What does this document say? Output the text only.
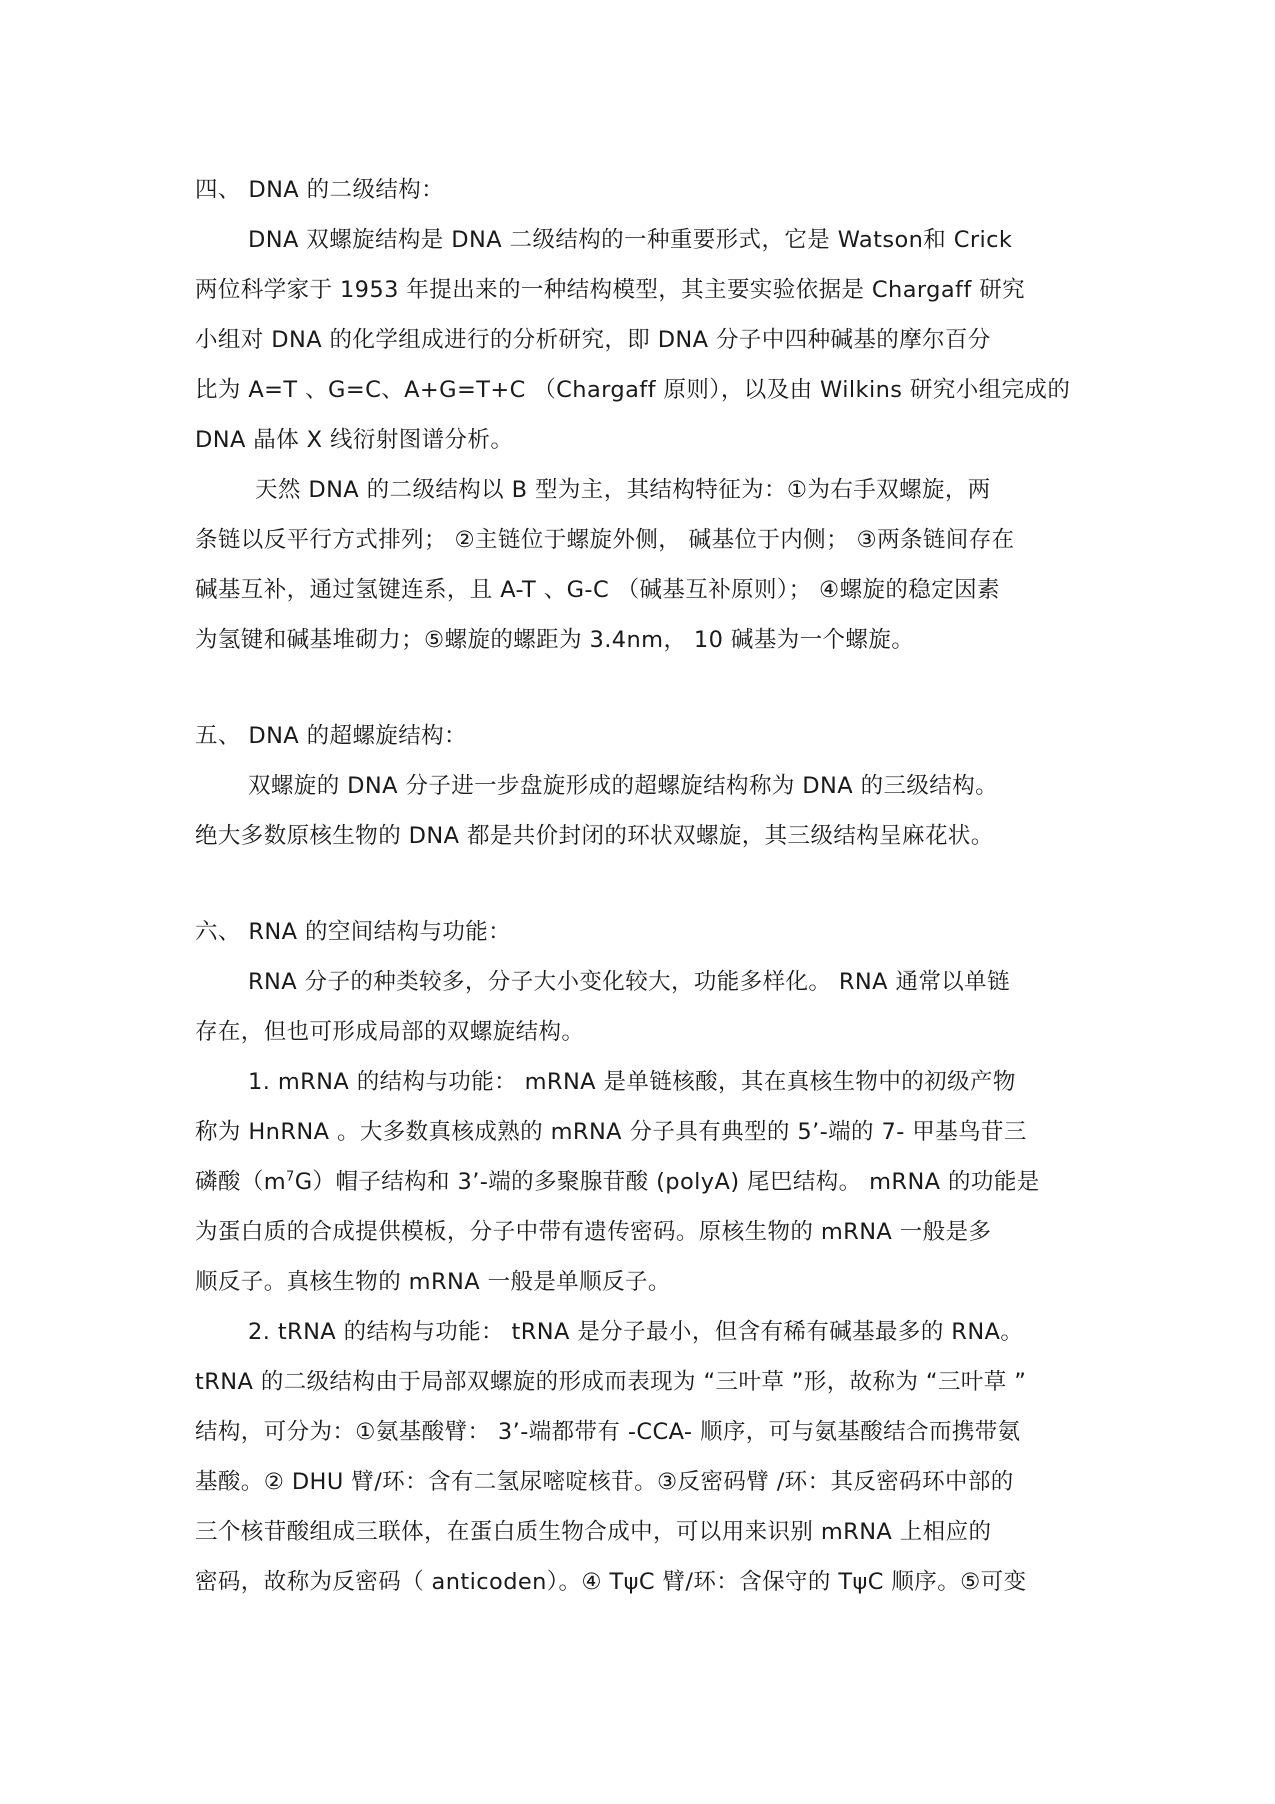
四、 DNA 的二级结构：
DNA 双螺旋结构是 DNA 二级结构的一种重要形式，它是 Watson和 Crick
两位科学家于 1953 年提出来的一种结构模型，其主要实验依据是 Chargaff 研究
小组对 DNA 的化学组成进行的分析研究，即 DNA 分子中四种碱基的摩尔百分
比为 A=T 、G=C、A+G=T+C （Chargaff 原则），以及由 Wilkins 研究小组完成的
DNA 晶体 X 线衍射图谱分析。
天然 DNA 的二级结构以 B 型为主，其结构特征为：①为右手双螺旋，两
条链以反平行方式排列； ②主链位于螺旋外侧， 碱基位于内侧； ③两条链间存在
碱基互补，通过氢键连系，且 A-T 、G-C （碱基互补原则）； ④螺旋的稳定因素
为氢键和碱基堆砌力；⑤螺旋的螺距为 3.4nm， 10 碱基为一个螺旋。
五、 DNA 的超螺旋结构：
双螺旋的 DNA 分子进一步盘旋形成的超螺旋结构称为 DNA 的三级结构。
绝大多数原核生物的 DNA 都是共价封闭的环状双螺旋，其三级结构呈麻花状。
六、 RNA 的空间结构与功能：
RNA 分子的种类较多，分子大小变化较大，功能多样化。 RNA 通常以单链
存在，但也可形成局部的双螺旋结构。
1. mRNA 的结构与功能： mRNA 是单链核酸，其在真核生物中的初级产物
称为 HnRNA 。大多数真核成熟的 mRNA 分子具有典型的 5’-端的 7- 甲基鸟苷三
磷酸$(m^7G)$帽子结构和 3’-端的多聚腺苷酸 (polyA) 尾巴结构。 mRNA 的功能是
为蛋白质的合成提供模板，分子中带有遗传密码。原核生物的 mRNA 一般是多
顺反子。真核生物的 mRNA 一般是单顺反子。
2. tRNA 的结构与功能： tRNA 是分子最小，但含有稀有碱基最多的 RNA。
tRNA 的二级结构由于局部双螺旋的形成而表现为 “三叶草 ”形，故称为 “三叶草 ”
结构，可分为：①氨基酸臂： 3’-端都带有 -CCA- 顺序，可与氨基酸结合而携带氨
基酸。② DHU 臂/环：含有二氢尿嘧啶核苷。③反密码臂 /环：其反密码环中部的
三个核苷酸组成三联体，在蛋白质生物合成中，可以用来识别 mRNA 上相应的
密码，故称为反密码（ anticoden）。④ TψC 臂/环：含保守的 TψC 顺序。⑤可变
